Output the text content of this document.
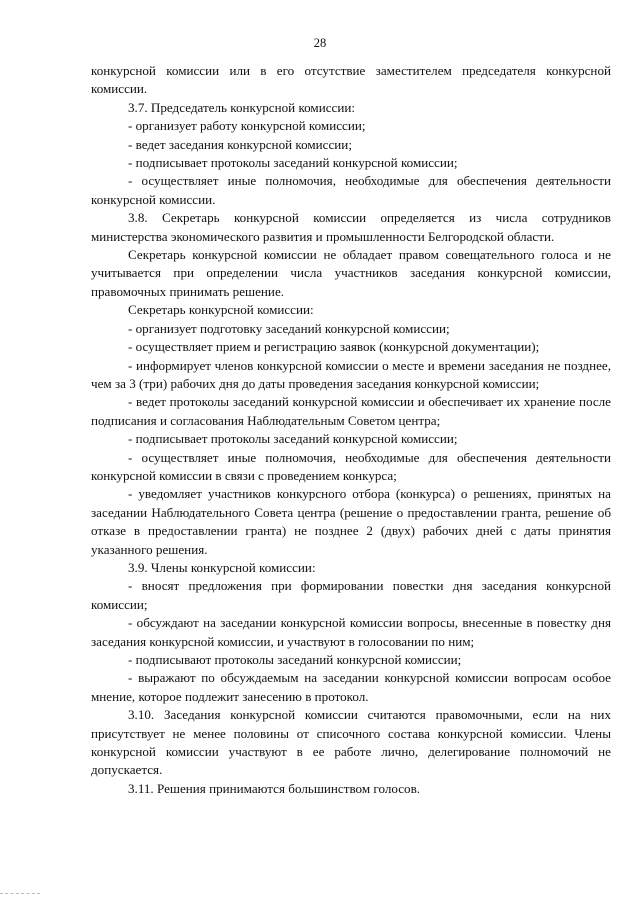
28

конкурсной комиссии или в его отсутствие заместителем председателя конкурсной комиссии.

3.7. Председатель конкурсной комиссии:

- организует работу конкурсной комиссии;

- ведет заседания конкурсной комиссии;

- подписывает протоколы заседаний конкурсной комиссии;

- осуществляет иные полномочия, необходимые для обеспечения деятельности конкурсной комиссии.

3.8. Секретарь конкурсной комиссии определяется из числа сотрудников министерства экономического развития и промышленности Белгородской области.

Секретарь конкурсной комиссии не обладает правом совещательного голоса и не учитывается при определении числа участников заседания конкурсной комиссии, правомочных принимать решение.

Секретарь конкурсной комиссии:

- организует подготовку заседаний конкурсной комиссии;

- осуществляет прием и регистрацию заявок (конкурсной документации);

- информирует членов конкурсной комиссии о месте и времени заседания не позднее, чем за 3 (три) рабочих дня до даты проведения заседания конкурсной комиссии;

- ведет протоколы заседаний конкурсной комиссии и обеспечивает их хранение после подписания и согласования Наблюдательным Советом центра;

- подписывает протоколы заседаний конкурсной комиссии;

- осуществляет иные полномочия, необходимые для обеспечения деятельности конкурсной комиссии в связи с проведением конкурса;

- уведомляет участников конкурсного отбора (конкурса) о решениях, принятых на заседании Наблюдательного Совета центра (решение о предоставлении гранта, решение об отказе в предоставлении гранта) не позднее 2 (двух) рабочих дней с даты принятия указанного решения.

3.9. Члены конкурсной комиссии:

- вносят предложения при формировании повестки дня заседания конкурсной комиссии;

- обсуждают на заседании конкурсной комиссии вопросы, внесенные в повестку дня заседания конкурсной комиссии, и участвуют в голосовании по ним;

- подписывают протоколы заседаний конкурсной комиссии;

- выражают по обсуждаемым на заседании конкурсной комиссии вопросам особое мнение, которое подлежит занесению в протокол.

3.10. Заседания конкурсной комиссии считаются правомочными, если на них присутствует не менее половины от списочного состава конкурсной комиссии. Члены конкурсной комиссии участвуют в ее работе лично, делегирование полномочий не допускается.

3.11. Решения принимаются большинством голосов.
